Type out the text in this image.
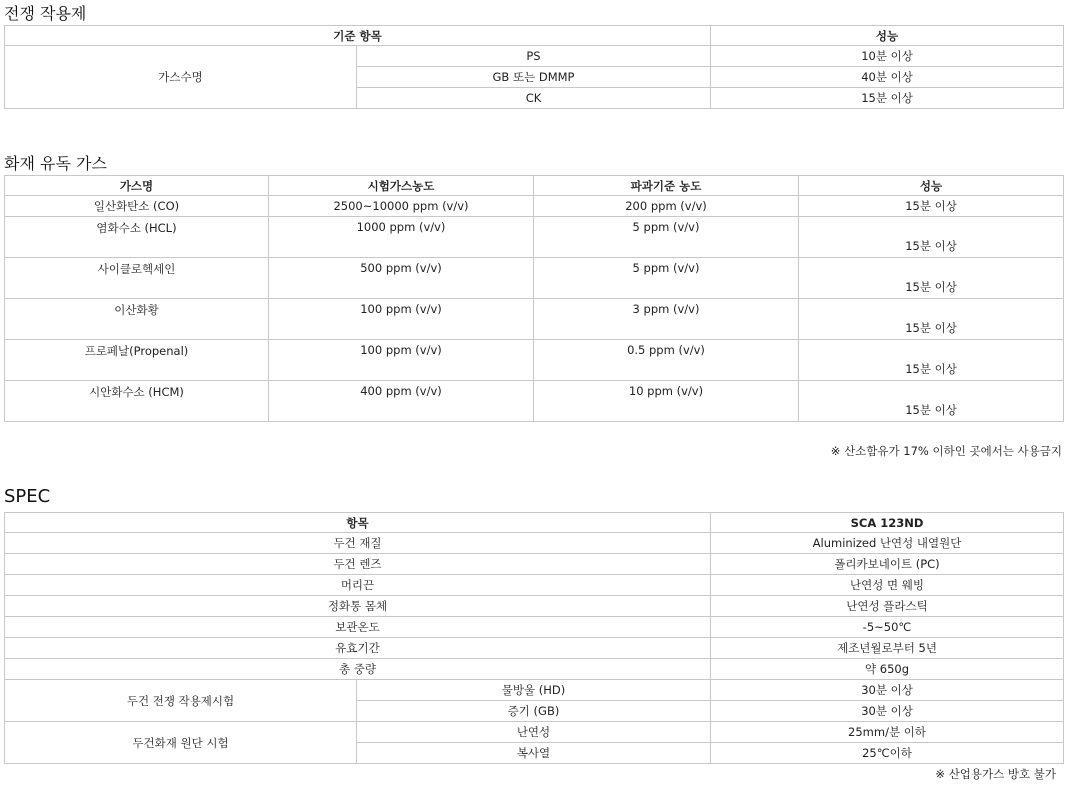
전쟁 작용제
기준 항목		성능
가스수명	PS	10분 이상
	GB 또는 DMMP	40분 이상
	CK	15분 이상
화재 유독 가스
가스명	시험가스농도	파과기준 농도	성능
일산화탄소 (CO)	2500~10000 ppm (v/v)	200 ppm (v/v)	15분 이상
염화수소 (HCL)	1000 ppm (v/v)	5 ppm (v/v)	15분 이상
사이클로헥세인	500 ppm (v/v)	5 ppm (v/v)	15분 이상
이산화황	100 ppm (v/v)	3 ppm (v/v)	15분 이상
프로페날(Propenal)	100 ppm (v/v)	0.5 ppm (v/v)	15분 이상
시안화수소 (HCM)	400 ppm (v/v)	10 ppm (v/v)	15분 이상
※ 산소함유가 17% 이하인 곳에서는 사용금지
SPEC
항목		SCA 123ND
두건 재질		Aluminized 난연성 내열원단
두건 렌즈		폴리카보네이트 (PC)
머리끈		난연성 면 웨빙
정화통 몸체		난연성 플라스틱
보관온도		-5~50℃
유효기간		제조년월로부터 5년
총 중량		약 650g
두건 전쟁 작용제시험	물방울 (HD)	30분 이상
	증기 (GB)	30분 이상
두건화재 원단 시험	난연성	25mm/분 이하
	복사열	25℃이하
※ 산업용가스 방호 불가
